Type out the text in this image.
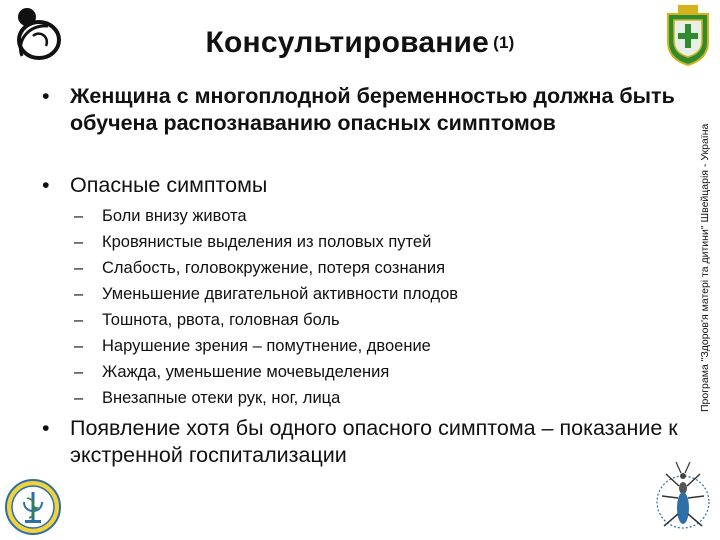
Консультирование (1)
Програма "Здоров'я матері та дитини" Швейцарія - Україна
• Женщина с многоплодной беременностью должна быть обучена распознаванию опасных симптомов
• Опасные симптомы
– Боли внизу живота
– Кровянистые выделения из половых путей
– Слабость, головокружение, потеря сознания
– Уменьшение двигательной активности плодов
– Тошнота, рвота, головная боль
– Нарушение зрения – помутнение, двоение
– Жажда, уменьшение мочевыделения
– Внезапные отеки рук, ног, лица
• Появление хотя бы одного опасного симптома – показание к экстренной госпитализации
